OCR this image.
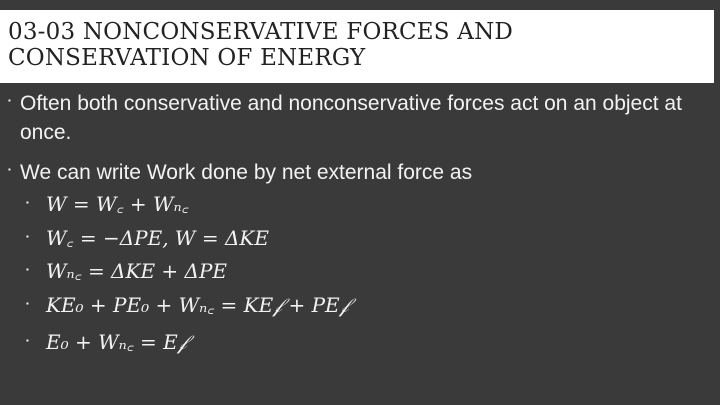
03-03 NONCONSERVATIVE FORCES AND CONSERVATION OF ENERGY
▪ Often both conservative and nonconservative forces act on an object at once.
▪ We can write Work done by net external force as
▪ W = W꜀ + Wₙ꜀
▪ W꜀ = −ΔPE, W = ΔKE
▪ Wₙ꜀ = ΔKE + ΔPE
▪ KE₀ + PE₀ + Wₙ꜀ = KE𝒻 + PE𝒻
▪ E₀ + Wₙ꜀ = E𝒻
